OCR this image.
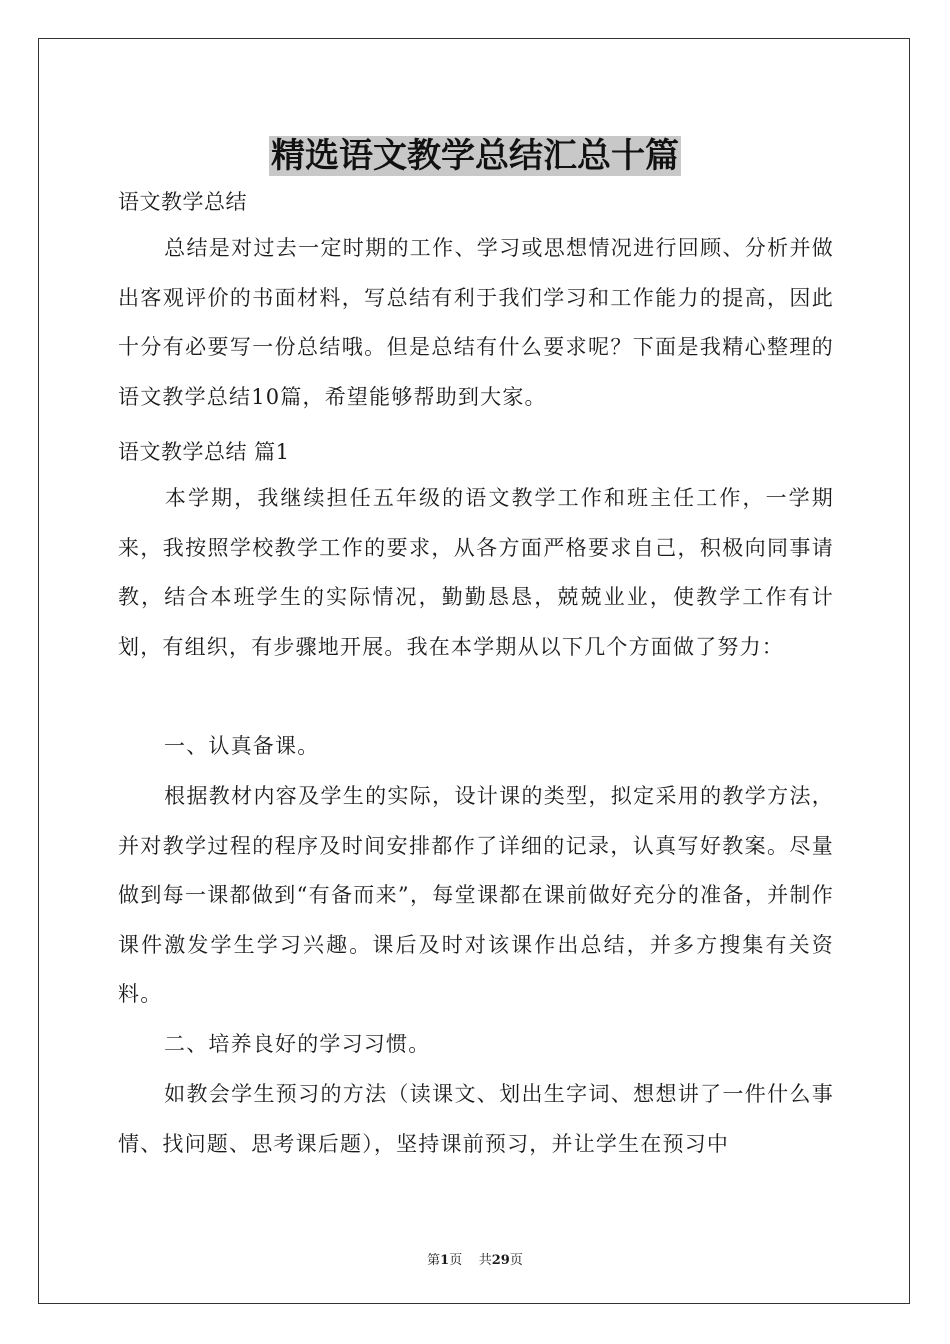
精选语文教学总结汇总十篇
语文教学总结
总结是对过去一定时期的工作、学习或思想情况进行回顾、分析并做出客观评价的书面材料，写总结有利于我们学习和工作能力的提高，因此十分有必要写一份总结哦。但是总结有什么要求呢？下面是我精心整理的语文教学总结10篇，希望能够帮助到大家。
语文教学总结 篇1
本学期，我继续担任五年级的语文教学工作和班主任工作，一学期来，我按照学校教学工作的要求，从各方面严格要求自己，积极向同事请教，结合本班学生的实际情况，勤勤恳恳，兢兢业业，使教学工作有计划，有组织，有步骤地开展。我在本学期从以下几个方面做了努力：
一、认真备课。
根据教材内容及学生的实际，设计课的类型，拟定采用的教学方法，并对教学过程的程序及时间安排都作了详细的记录，认真写好教案。尽量做到每一课都做到“有备而来”，每堂课都在课前做好充分的准备，并制作课件激发学生学习兴趣。课后及时对该课作出总结，并多方搜集有关资料。
二、培养良好的学习习惯。
如教会学生预习的方法（读课文、划出生字词、想想讲了一件什么事情、找问题、思考课后题），坚持课前预习，并让学生在预习中
第1页 共29页
